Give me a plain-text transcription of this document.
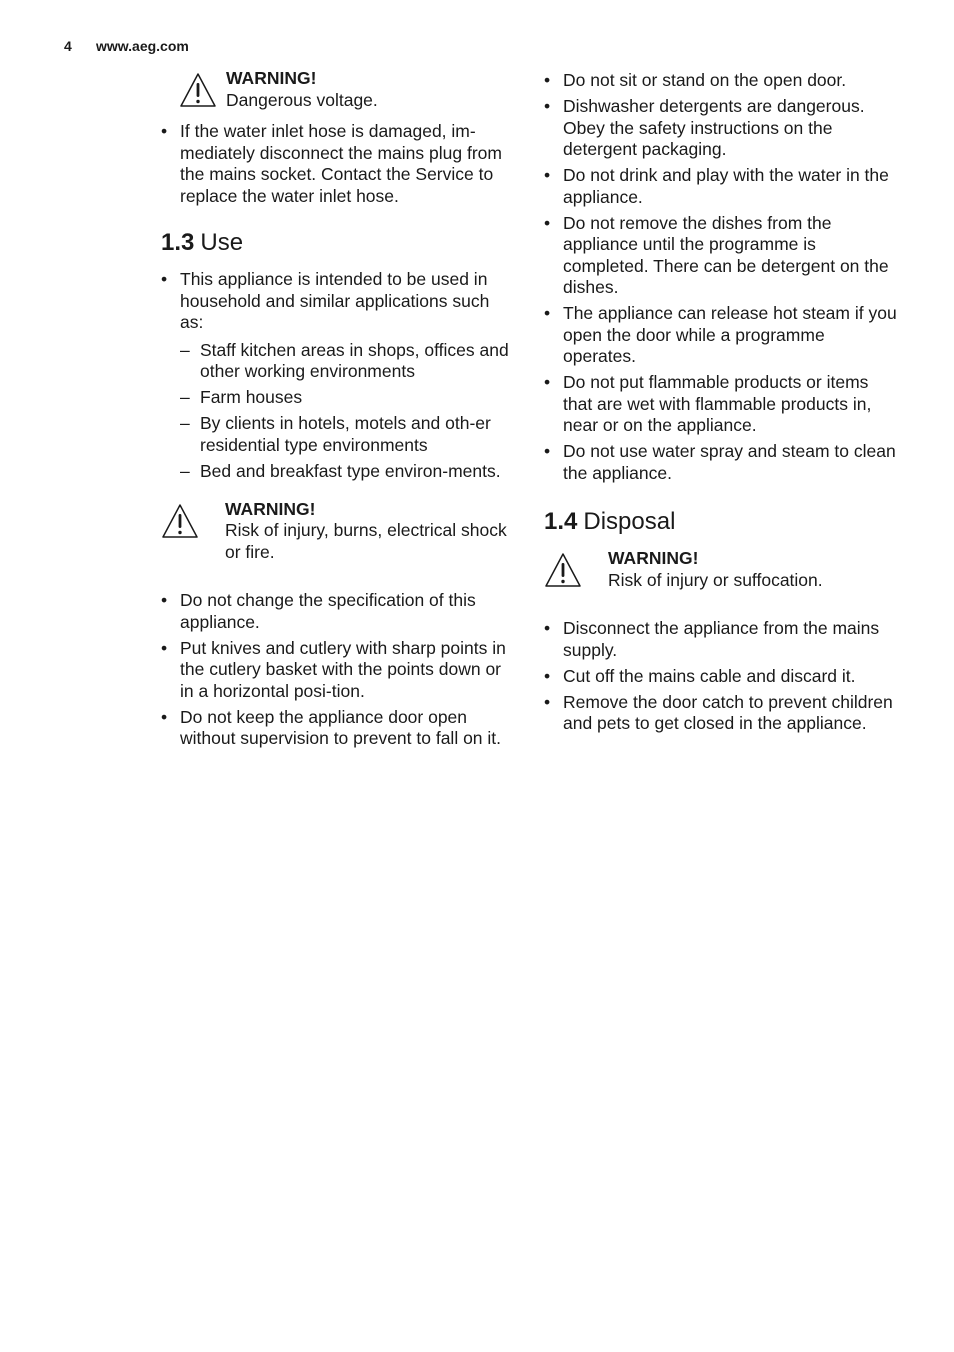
4 www.aeg.com
WARNING!
Dangerous voltage.
• If the water inlet hose is damaged, im-mediately disconnect the mains plug from the mains socket. Contact the Service to replace the water inlet hose.
1.3 Use
• This appliance is intended to be used in household and similar applications such as:
– Staff kitchen areas in shops, offices and other working environments
– Farm houses
– By clients in hotels, motels and oth-er residential type environments
– Bed and breakfast type environ-ments.
WARNING!
Risk of injury, burns, electrical shock or fire.
• Do not change the specification of this appliance.
• Put knives and cutlery with sharp points in the cutlery basket with the points down or in a horizontal posi-tion.
• Do not keep the appliance door open without supervision to prevent to fall on it.
• Do not sit or stand on the open door.
• Dishwasher detergents are dangerous. Obey the safety instructions on the detergent packaging.
• Do not drink and play with the water in the appliance.
• Do not remove the dishes from the appliance until the programme is completed. There can be detergent on the dishes.
• The appliance can release hot steam if you open the door while a programme operates.
• Do not put flammable products or items that are wet with flammable products in, near or on the appliance.
• Do not use water spray and steam to clean the appliance.
1.4 Disposal
WARNING!
Risk of injury or suffocation.
• Disconnect the appliance from the mains supply.
• Cut off the mains cable and discard it.
• Remove the door catch to prevent children and pets to get closed in the appliance.
